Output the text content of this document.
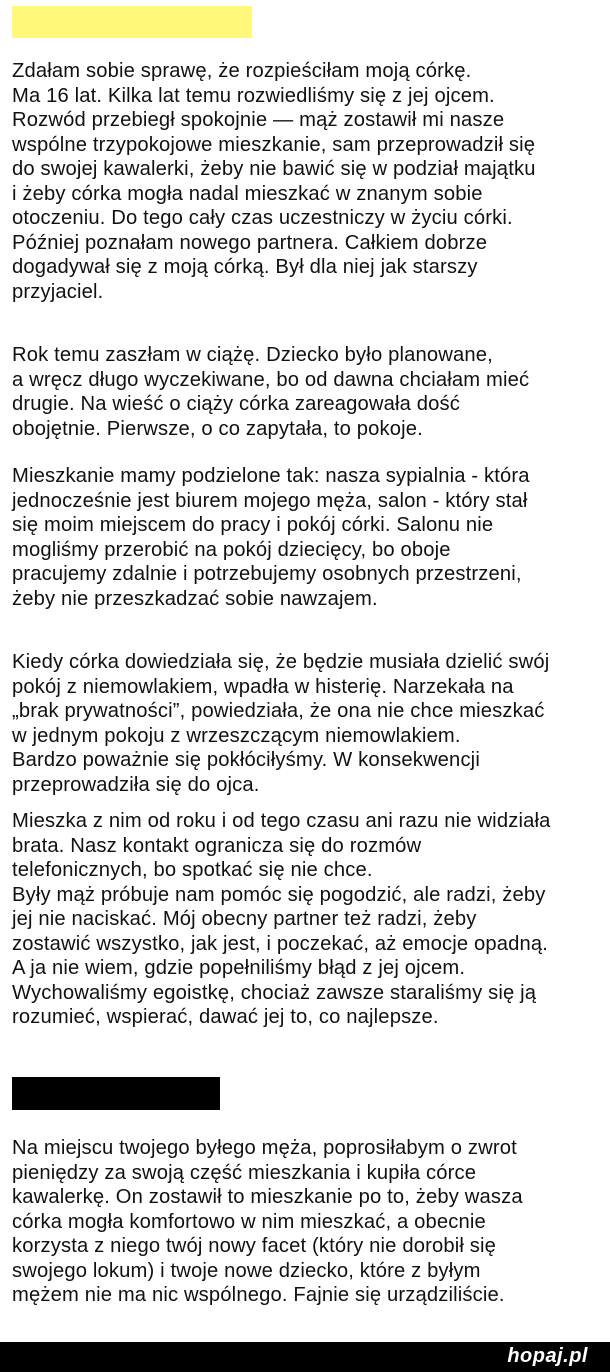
Zdałam sobie sprawę, że rozpieściłam moją córkę.
Ma 16 lat. Kilka lat temu rozwiedliśmy się z jej ojcem.
Rozwód przebiegł spokojnie — mąż zostawił mi nasze
wspólne trzypokojowe mieszkanie, sam przeprowadził się
do swojej kawalerki, żeby nie bawić się w podział majątku
i żeby córka mogła nadal mieszkać w znanym sobie
otoczeniu. Do tego cały czas uczestniczy w życiu córki.
Później poznałam nowego partnera. Całkiem dobrze
dogadywał się z moją córką. Był dla niej jak starszy
przyjaciel.

Rok temu zaszłam w ciążę. Dziecko było planowane,
a wręcz długo wyczekiwane, bo od dawna chciałam mieć
drugie. Na wieść o ciąży córka zareagowała dość
obojętnie. Pierwsze, o co zapytała, to pokoje.

Mieszkanie mamy podzielone tak: nasza sypialnia - która
jednocześnie jest biurem mojego męża, salon - który stał
się moim miejscem do pracy i pokój córki. Salonu nie
mogliśmy przerobić na pokój dziecięcy, bo oboje
pracujemy zdalnie i potrzebujemy osobnych przestrzeni,
żeby nie przeszkadzać sobie nawzajem.

Kiedy córka dowiedziała się, że będzie musiała dzielić swój
pokój z niemowlakiem, wpadła w histerię. Narzekała na
„brak prywatności”, powiedziała, że ona nie chce mieszkać
w jednym pokoju z wrzeszczącym niemowlakiem.
Bardzo poważnie się pokłóciłyśmy. W konsekwencji
przeprowadziła się do ojca.

Mieszka z nim od roku i od tego czasu ani razu nie widziała
brata. Nasz kontakt ogranicza się do rozmów
telefonicznych, bo spotkać się nie chce.
Były mąż próbuje nam pomóc się pogodzić, ale radzi, żeby
jej nie naciskać. Mój obecny partner też radzi, żeby
zostawić wszystko, jak jest, i poczekać, aż emocje opadną.
A ja nie wiem, gdzie popełniliśmy błąd z jej ojcem.
Wychowaliśmy egoistkę, chociaż zawsze staraliśmy się ją
rozumieć, wspierać, dawać jej to, co najlepsze.

Na miejscu twojego byłego męża, poprosiłabym o zwrot
pieniędzy za swoją część mieszkania i kupiła córce
kawalerkę. On zostawił to mieszkanie po to, żeby wasza
córka mogła komfortowo w nim mieszkać, a obecnie
korzysta z niego twój nowy facet (który nie dorobił się
swojego lokum) i twoje nowe dziecko, które z byłym
mężem nie ma nic wspólnego. Fajnie się urządziliście.

hopaj.pl
